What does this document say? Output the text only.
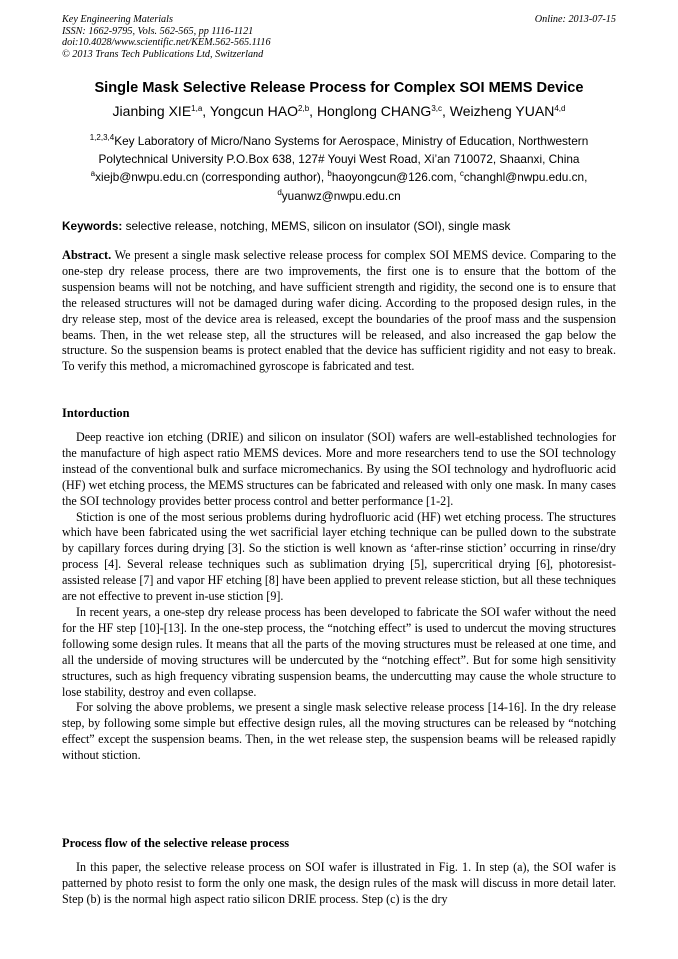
Key Engineering Materials
ISSN: 1662-9795, Vols. 562-565, pp 1116-1121
doi:10.4028/www.scientific.net/KEM.562-565.1116
© 2013 Trans Tech Publications Ltd, Switzerland
Online: 2013-07-15
Single Mask Selective Release Process for Complex SOI MEMS Device
Jianbing XIE$^{1,a}$, Yongcun HAO$^{2,b}$, Honglong CHANG$^{3,c}$, Weizheng YUAN$^{4,d}$
$^{1,2,3,4}$Key Laboratory of Micro/Nano Systems for Aerospace, Ministry of Education, Northwestern
Polytechnical University P.O.Box 638, 127# Youyi West Road, Xi’an 710072, Shaanxi, China
$^a$xiejb@nwpu.edu.cn (corresponding author), $^b$haoyongcun@126.com, $^c$changhl@nwpu.edu.cn,
$^d$yuanwz@nwpu.edu.cn
Keywords: selective release, notching, MEMS, silicon on insulator (SOI), single mask

Abstract. We present a single mask selective release process for complex SOI MEMS device. Comparing to the one-step dry release process, there are two improvements, the first one is to ensure that the bottom of the suspension beams will not be notching, and have sufficient strength and rigidity, the second one is to ensure that the released structures will not be damaged during wafer dicing. According to the proposed design rules, in the dry release step, most of the device area is released, except the boundaries of the proof mass and the suspension beams. Then, in the wet release step, all the structures will be released, and also increased the gap below the structure. So the suspension beams is protect enabled that the device has sufficient rigidity and not easy to break. To verify this method, a micromachined gyroscope is fabricated and test.

Intorduction

Deep reactive ion etching (DRIE) and silicon on insulator (SOI) wafers are well-established technologies for the manufacture of high aspect ratio MEMS devices. More and more researchers tend to use the SOI technology instead of the conventional bulk and surface micromechanics. By using the SOI technology and hydrofluoric acid (HF) wet etching process, the MEMS structures can be fabricated and released with only one mask. In many cases the SOI technology provides better process control and better performance [1-2].

Stiction is one of the most serious problems during hydrofluoric acid (HF) wet etching process. The structures which have been fabricated using the wet sacrificial layer etching technique can be pulled down to the substrate by capillary forces during drying [3]. So the stiction is well known as ‘after-rinse stiction’ occurring in rinse/dry process [4]. Several release techniques such as sublimation drying [5], supercritical drying [6], photoresist-assisted release [7] and vapor HF etching [8] have been applied to prevent release stiction, but all these techniques are not effective to prevent in-use stiction [9].

In recent years, a one-step dry release process has been developed to fabricate the SOI wafer without the need for the HF step [10]-[13]. In the one-step process, the “notching effect” is used to undercut the moving structures following some design rules. It means that all the parts of the moving structures must be released at one time, and all the underside of moving structures will be undercuted by the “notching effect”. But for some high sensitivity structures, such as high frequency vibrating suspension beams, the undercutting may cause the whole structure to lose stability, destroy and even collapse.

For solving the above problems, we present a single mask selective release process [14-16]. In the dry release step, by following some simple but effective design rules, all the moving structures can be released by “notching effect” except the suspension beams. Then, in the wet release step, the suspension beams will be released rapidly without stiction.

Process flow of the selective release process

In this paper, the selective release process on SOI wafer is illustrated in Fig. 1. In step (a), the SOI wafer is patterned by photo resist to form the only one mask, the design rules of the mask will discuss in more detail later. Step (b) is the normal high aspect ratio silicon DRIE process. Step (c) is the dry
